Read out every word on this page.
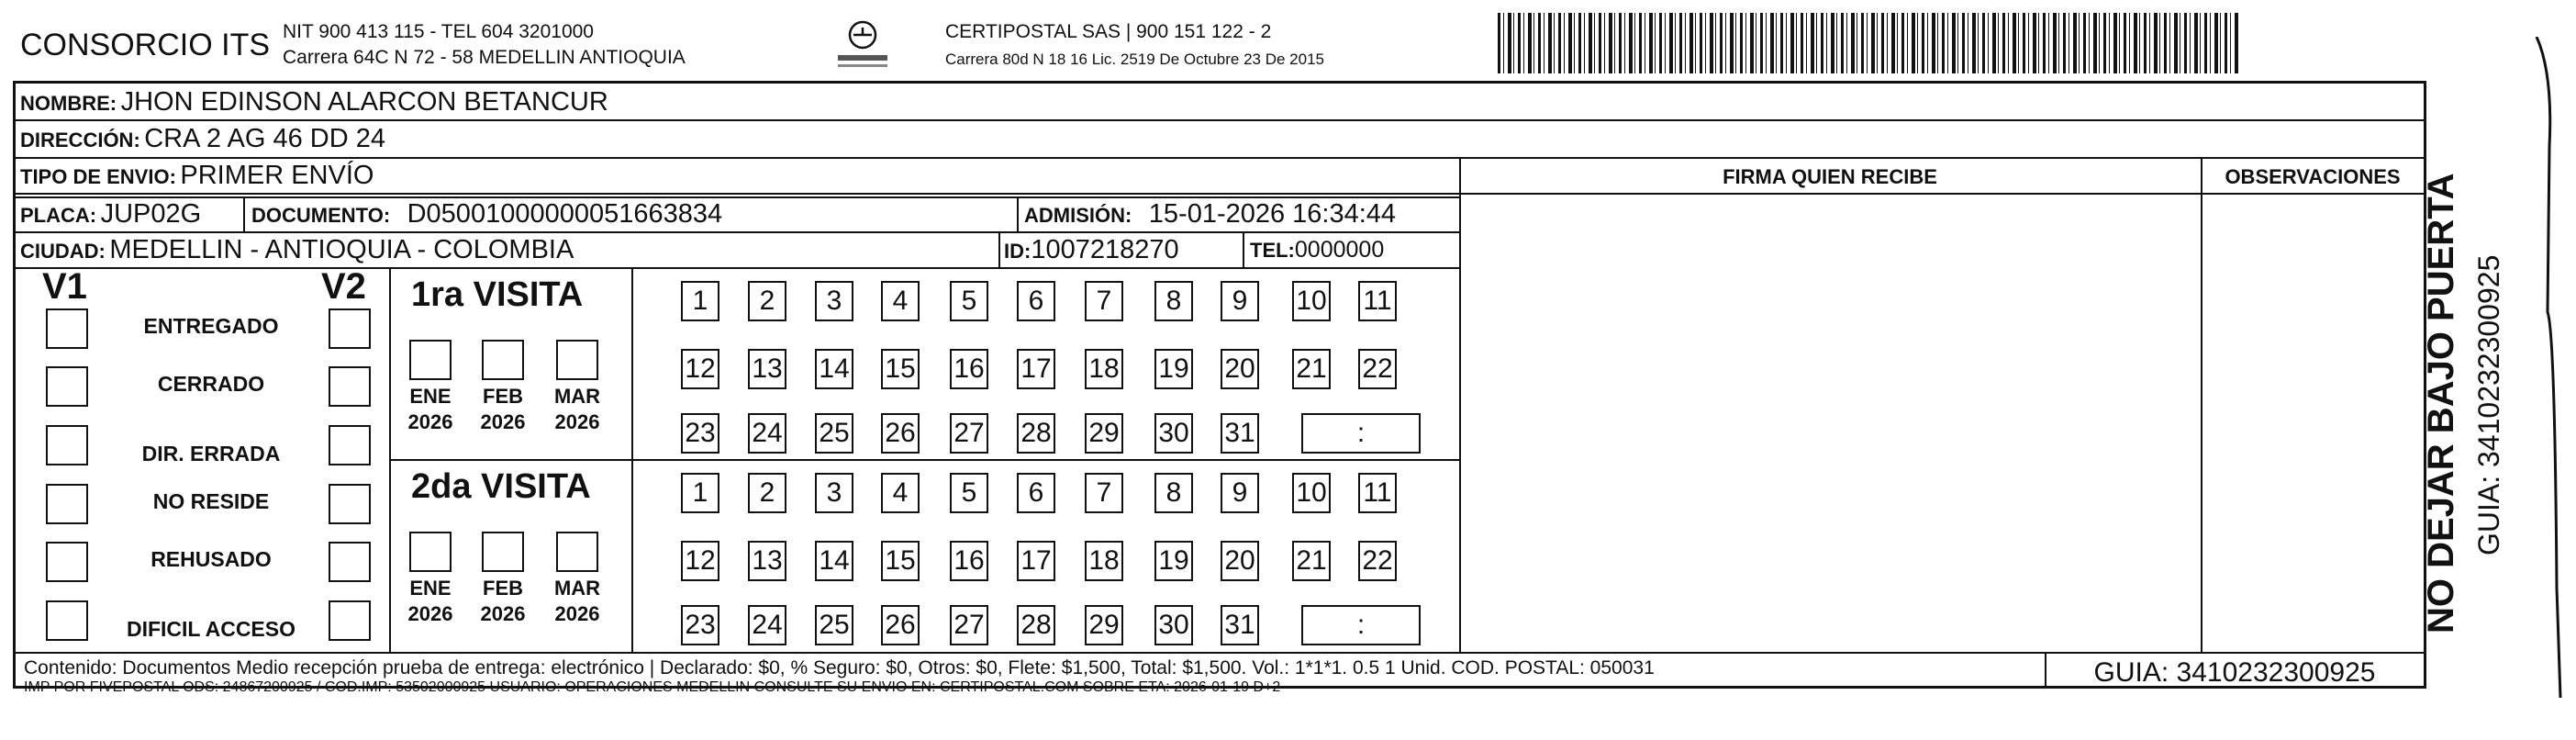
CONSORCIO ITS NIT 900 413 115 - TEL 604 3201000
Carrera 64C N 72 - 58 MEDELLIN ANTIOQUIA
CERTIPOSTAL SAS | 900 151 122 - 2
Carrera 80d N 18 16 Lic. 2519 De Octubre 23 De 2015
NOMBRE: JHON EDINSON ALARCON BETANCUR
DIRECCIÓN: CRA 2 AG 46 DD 24
TIPO DE ENVIO: PRIMER ENVÍO	FIRMA QUIEN RECIBE	OBSERVACIONES
PLACA: JUP02G DOCUMENTO: D05001000000051663834	ADMISIÓN: 15-01-2026 16:34:44
CIUDAD: MEDELLIN - ANTIOQUIA - COLOMBIA	ID:1007218270	TEL:0000000
V1	V2
ENTREGADO
CERRADO
DIR. ERRADA
NO RESIDE
REHUSADO
DIFICIL ACCESO
1ra VISITA
ENE
2026
FEB
2026
MAR
2026
1	2	3	4	5	6	7	8	9	10 11
12 13 14 15 16 17 18 19 20 21 22
23 24 25 26 27 28 29 30 31	:
2da VISITA
ENE
2026
FEB
2026
MAR
2026
1	2	3	4	5	6	7	8	9	10 11
12 13 14 15 16 17 18 19 20 21 22
23 24 25 26 27 28 29 30 31	:
Contenido: Documentos Medio recepción prueba de entrega: electrónico | Declarado: $0, % Seguro: $0, Otros: $0, Flete: $1,500, Total: $1,500. Vol.: 1*1*1. 0.5 1 Unid. COD. POSTAL: 050031
IMP POR FIVEPOSTAL ODS: 24867200925 / COD.IMP: 53502000925 USUARIO: OPERACIONES MEDELLIN CONSULTE SU ENVIO EN: CERTIPOSTAL.COM SOBRE ETA: 2026-01-19 D+2	GUIA: 3410232300925
NO DEJAR BAJO PUERTA GUIA: 3410232300925
